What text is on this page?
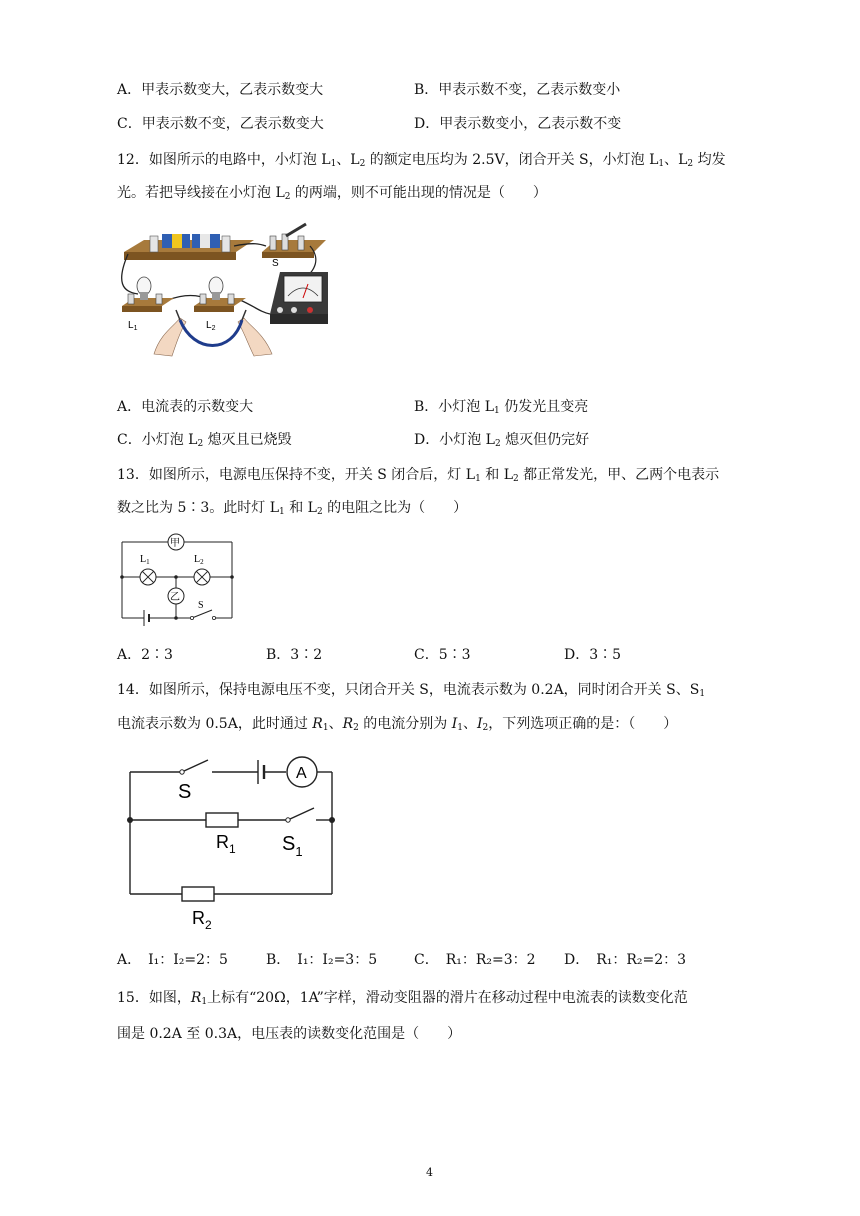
A．甲表示数变大，乙表示数变大	B．甲表示数不变，乙表示数变小
C．甲表示数不变，乙表示数变大	D．甲表示数变小，乙表示数不变
12．如图所示的电路中，小灯泡 $L_1$、$L_2$ 的额定电压均为 2.5V，闭合开关 S，小灯泡 $L_1$、$L_2$ 均发
光。若把导线接在小灯泡 $L_2$ 的两端，则不可能出现的情况是（　　）
S
$L_1$	$L_2$
A．电流表的示数变大	B．小灯泡 $L_1$ 仍发光且变亮
C．小灯泡 $L_2$ 熄灭且已烧毁	D．小灯泡 $L_2$ 熄灭但仍完好
13．如图所示，电源电压保持不变，开关 S 闭合后，灯 $L_1$ 和 $L_2$ 都正常发光，甲、乙两个电表示
数之比为 5∶3。此时灯 $L_1$ 和 $L_2$ 的电阻之比为（　　）
甲
乙
$L_1$	$L_2$
S
A．2∶3	B．3∶2	C．5∶3	D．3∶5
14．如图所示，保持电源电压不变，只闭合开关 S，电流表示数为 0.2A，同时闭合开关 S、$S_1$
电流表示数为 0.5A，此时通过 $R_1$、$R_2$ 的电流分别为 $I_1$、$I_2$，下列选项正确的是：（　　）
A
S
$R_1$ $S_1$
$R_2$
A．　I₁：I₂=2：5	B．　I₁：I₂=3：5	C．　R₁：R₂=3：2 D．　R₁：R₂=2：3
15．如图，$R_1$上标有“20Ω，1A”字样，滑动变阻器的滑片在移动过程中电流表的读数变化范
围是 0.2A 至 0.3A，电压表的读数变化范围是（　　）
4
